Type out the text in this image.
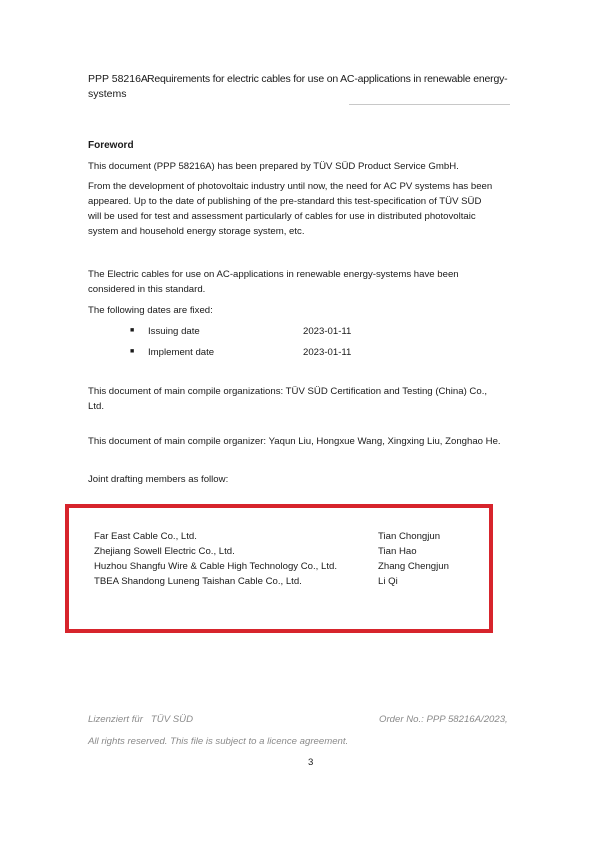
PPP 58216A Requirements for electric cables for use on AC-applications in renewable energy-
systems
Foreword
This document (PPP 58216A) has been prepared by TÜV SÜD Product Service GmbH.
From the development of photovoltaic industry until now, the need for AC PV systems has been
appeared. Up to the date of publishing of the pre-standard this test-specification of TÜV SÜD
will be used for test and assessment particularly of cables for use in distributed photovoltaic
system and household energy storage system, etc.
The Electric cables for use on AC-applications in renewable energy-systems have been
considered in this standard.
The following dates are fixed:
■ Issuing date	2023-01-11
■ Implement date	2023-01-11
This document of main compile organizations: TÜV SÜD Certification and Testing (China) Co.,
Ltd.
This document of main compile organizer: Yaqun Liu, Hongxue Wang, Xingxing Liu, Zonghao He.
Joint drafting members as follow:
Far East Cable Co., Ltd.	Tian Chongjun
Zhejiang Sowell Electric Co., Ltd.	Tian Hao
Huzhou Shangfu Wire & Cable High Technology Co., Ltd.	Zhang Chengjun
TBEA Shandong Luneng Taishan Cable Co., Ltd.	Li Qi
Lizenziert für   TÜV SÜD	Order No.: PPP 58216A/2023,
All rights reserved. This file is subject to a licence agreement.
3
